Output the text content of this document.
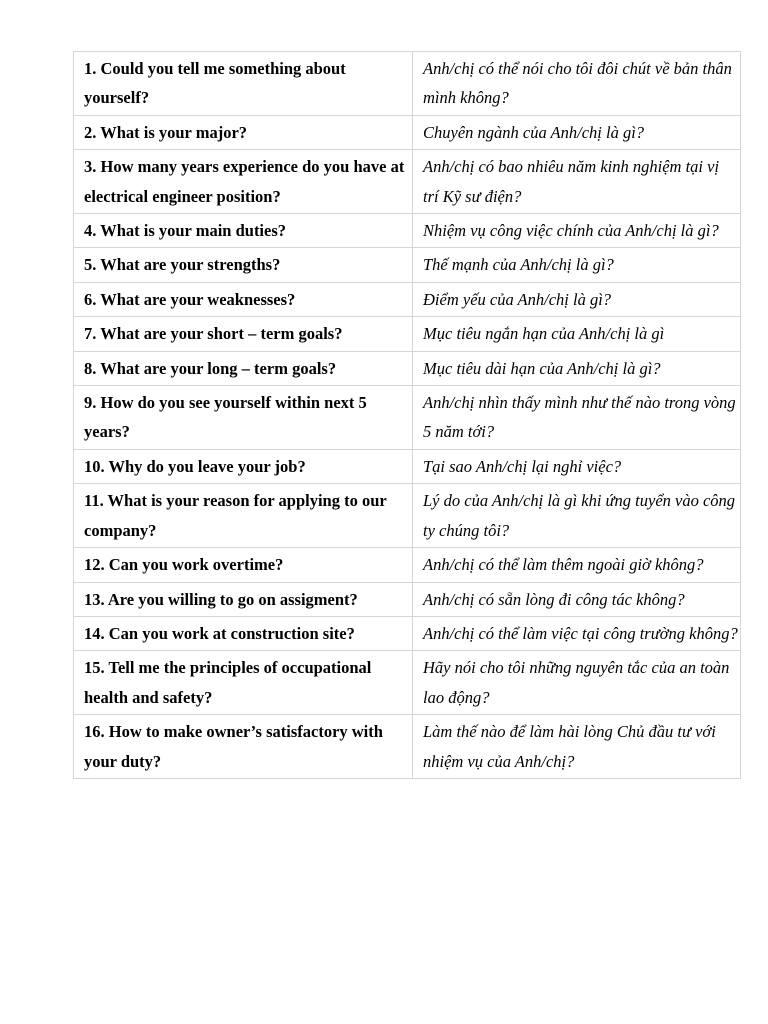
1. Could you tell me something about yourself?	Anh/chị có thể nói cho tôi đôi chút về bản thân mình không?
2. What is your major?	Chuyên ngành của Anh/chị là gì?
3. How many years experience do you have at electrical engineer position?	Anh/chị có bao nhiêu năm kinh nghiệm tại vị trí Kỹ sư điện?
4. What is your main duties?	Nhiệm vụ công việc chính của Anh/chị là gì?
5. What are your strengths?	Thế mạnh của Anh/chị là gì?
6. What are your weaknesses?	Điểm yếu của Anh/chị là gì?
7. What are your short – term goals?	Mục tiêu ngắn hạn của Anh/chị là gì
8. What are your long – term goals?	Mục tiêu dài hạn của Anh/chị là gì?
9. How do you see yourself within next 5 years?	Anh/chị nhìn thấy mình như thế nào trong vòng 5 năm tới?
10. Why do you leave your job?	Tại sao Anh/chị lại nghỉ việc?
11. What is your reason for applying to our company?	Lý do của Anh/chị là gì khi ứng tuyển vào công ty chúng tôi?
12. Can you work overtime?	Anh/chị có thể làm thêm ngoài giờ không?
13. Are you willing to go on assigment?	Anh/chị có sẵn lòng đi công tác không?
14. Can you work at construction site?	Anh/chị có thể làm việc tại công trường không?
15. Tell me the principles of occupational health and safety?	Hãy nói cho tôi những nguyên tắc của an toàn lao động?
16. How to make owner’s satisfactory with your duty?	Làm thế nào để làm hài lòng Chủ đầu tư với nhiệm vụ của Anh/chị?
